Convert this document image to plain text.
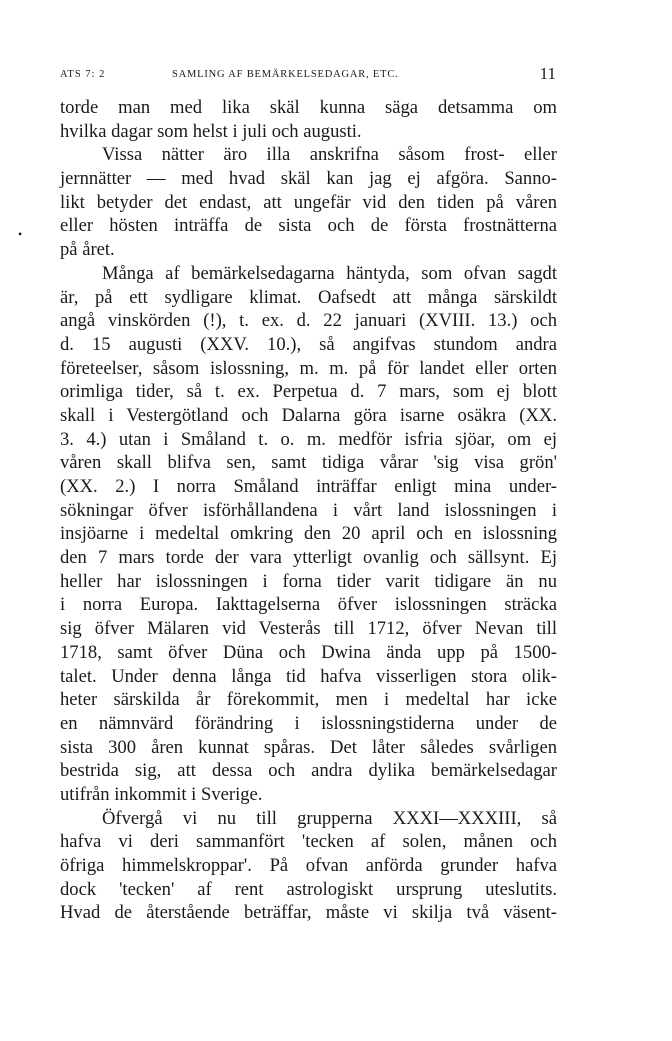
ATS 7: 2	SAMLING AF BEMÄRKELSEDAGAR, ETC.	11
•
torde man med lika skäl kunna säga detsamma om
hvilka dagar som helst i juli och augusti.
Vissa nätter äro illa anskrifna såsom frost- eller
jernnätter — med hvad skäl kan jag ej afgöra. Sanno-
likt betyder det endast, att ungefär vid den tiden på våren
eller hösten inträffa de sista och de första frostnätterna
på året.
Många af bemärkelsedagarna häntyda, som ofvan sagdt
är, på ett sydligare klimat. Oafsedt att många särskildt
angå vinskörden (!), t. ex. d. 22 januari (XVIII. 13.) och
d. 15 augusti (XXV. 10.), så angifvas stundom andra
företeelser, såsom islossning, m. m. på för landet eller orten
orimliga tider, så t. ex. Perpetua d. 7 mars, som ej blott
skall i Vestergötland och Dalarna göra isarne osäkra (XX.
3. 4.) utan i Småland t. o. m. medför isfria sjöar, om ej
våren skall blifva sen, samt tidiga vårar 'sig visa grön'
(XX. 2.) I norra Småland inträffar enligt mina under-
sökningar öfver isförhållandena i vårt land islossningen i
insjöarne i medeltal omkring den 20 april och en islossning
den 7 mars torde der vara ytterligt ovanlig och sällsynt. Ej
heller har islossningen i forna tider varit tidigare än nu
i norra Europa. Iakttagelserna öfver islossningen sträcka
sig öfver Mälaren vid Vesterås till 1712, öfver Nevan till
1718, samt öfver Düna och Dwina ända upp på 1500-
talet. Under denna långa tid hafva visserligen stora olik-
heter särskilda år förekommit, men i medeltal har icke
en nämnvärd förändring i islossningstiderna under de
sista 300 åren kunnat spåras. Det låter således svårligen
bestrida sig, att dessa och andra dylika bemärkelsedagar
utifrån inkommit i Sverige.
Öfvergå vi nu till grupperna XXXI—XXXIII, så
hafva vi deri sammanfört 'tecken af solen, månen och
öfriga himmelskroppar'. På ofvan anförda grunder hafva
dock 'tecken' af rent astrologiskt ursprung uteslutits.
Hvad de återstående beträffar, måste vi skilja två väsent-
